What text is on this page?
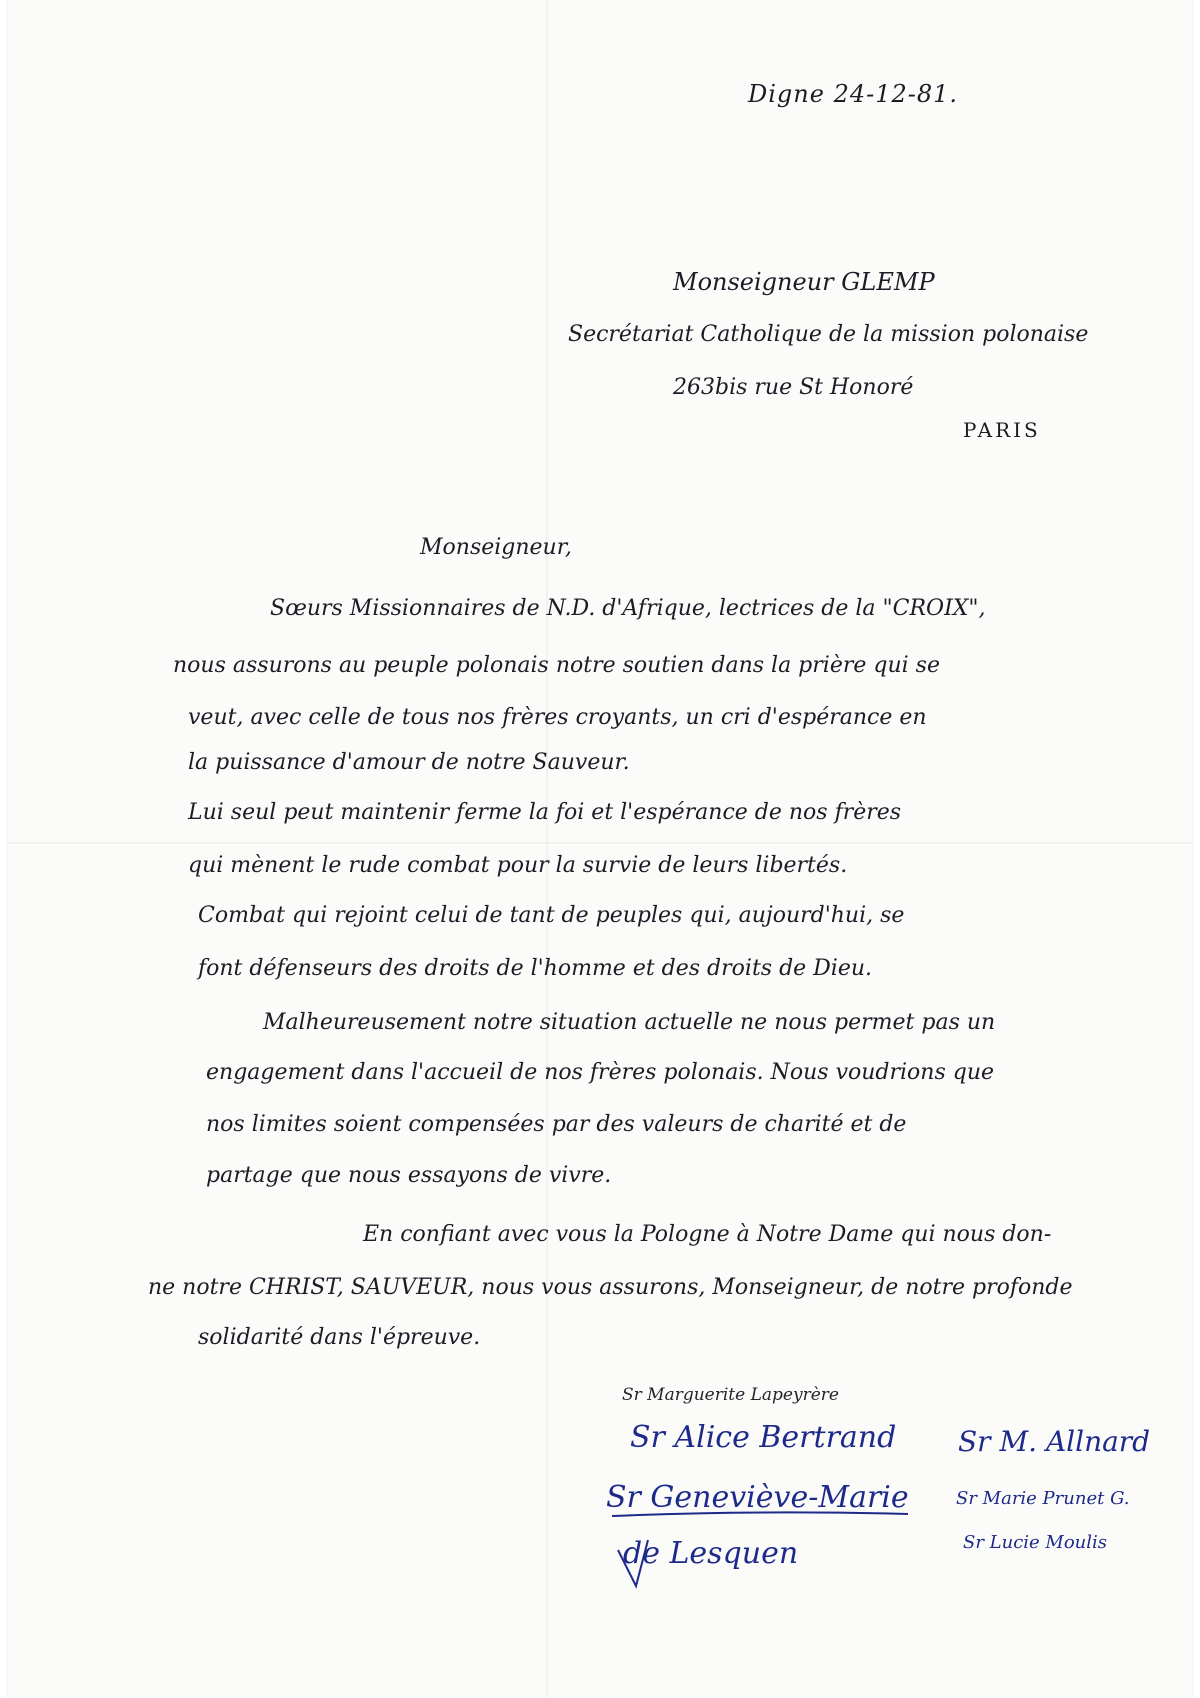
Digne 24-12-81.
Monseigneur GLEMP
Secrétariat Catholique de la mission polonaise
263bis rue St Honoré
PARIS
Monseigneur,
Sœurs Missionnaires de N.D. d'Afrique, lectrices de la "CROIX",
nous assurons au peuple polonais notre soutien dans la prière qui se
veut, avec celle de tous nos frères croyants, un cri d'espérance en
la puissance d'amour de notre Sauveur.
Lui seul peut maintenir ferme la foi et l'espérance de nos frères
qui mènent le rude combat pour la survie de leurs libertés.
Combat qui rejoint celui de tant de peuples qui, aujourd'hui, se
font défenseurs des droits de l'homme et des droits de Dieu.
Malheureusement notre situation actuelle ne nous permet pas un
engagement dans l'accueil de nos frères polonais. Nous voudrions que
nos limites soient compensées par des valeurs de charité et de
partage que nous essayons de vivre.
En confiant avec vous la Pologne à Notre Dame qui nous don-
ne notre CHRIST, SAUVEUR, nous vous assurons, Monseigneur, de notre profonde
solidarité dans l'épreuve.
Sr Marguerite Lapeyrère
Sr Alice Bertrand
Sr Geneviève-Marie
de Lesquen
Sr M. Allnard
Sr Marie Prunet G.
Sr Lucie Moulis
